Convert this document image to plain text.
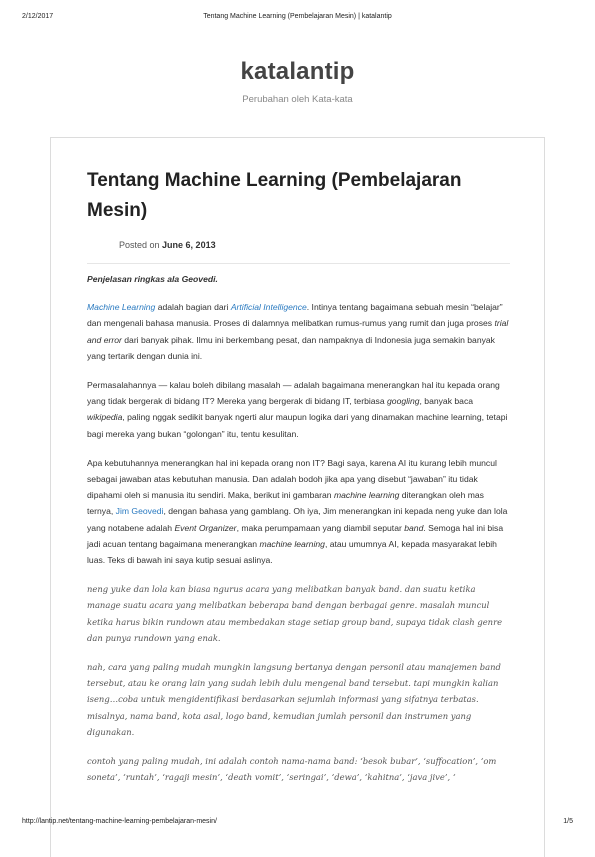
2/12/2017	Tentang Machine Learning (Pembelajaran Mesin) | katalantip
katalantip
Perubahan oleh Kata-kata
Tentang Machine Learning (Pembelajaran Mesin)
Posted on June 6, 2013

Penjelasan ringkas ala Geovedi.

Machine Learning adalah bagian dari Artificial Intelligence. Intinya tentang bagaimana sebuah mesin “belajar” dan mengenali bahasa manusia. Proses di dalamnya melibatkan rumus-rumus yang rumit dan juga proses trial and error dari banyak pihak. Ilmu ini berkembang pesat, dan nampaknya di Indonesia juga semakin banyak yang tertarik dengan dunia ini.

Permasalahannya — kalau boleh dibilang masalah — adalah bagaimana menerangkan hal itu kepada orang yang tidak bergerak di bidang IT? Mereka yang bergerak di bidang IT, terbiasa googling, banyak baca wikipedia, paling nggak sedikit banyak ngerti alur maupun logika dari yang dinamakan machine learning, tetapi bagi mereka yang bukan “golongan” itu, tentu kesulitan.

Apa kebutuhannya menerangkan hal ini kepada orang non IT? Bagi saya, karena AI itu kurang lebih muncul sebagai jawaban atas kebutuhan manusia. Dan adalah bodoh jika apa yang disebut “jawaban” itu tidak dipahami oleh si manusia itu sendiri. Maka, berikut ini gambaran machine learning diterangkan oleh mas ternya, Jim Geovedi, dengan bahasa yang gamblang. Oh iya, Jim menerangkan ini kepada neng yuke dan lola yang notabene adalah Event Organizer, maka perumpamaan yang diambil seputar band. Semoga hal ini bisa jadi acuan tentang bagaimana menerangkan machine learning, atau umumnya AI, kepada masyarakat lebih luas. Teks di bawah ini saya kutip sesuai aslinya.

neng yuke dan lola kan biasa ngurus acara yang melibatkan banyak band. dan suatu ketika manage suatu acara yang melibatkan beberapa band dengan berbagai genre. masalah muncul ketika harus bikin rundown atau membedakan stage setiap group band, supaya tidak clash genre dan punya rundown yang enak.
nah, cara yang paling mudah mungkin langsung bertanya dengan personil atau manajemen band tersebut, atau ke orang lain yang sudah lebih dulu mengenal band tersebut. tapi mungkin kalian iseng…coba untuk mengidentifikasi berdasarkan sejumlah informasi yang sifatnya terbatas. misalnya, nama band, kota asal, logo band, kemudian jumlah personil dan instrumen yang digunakan.
contoh yang paling mudah, ini adalah contoh nama-nama band: ‘besok bubar’, ‘suffocation’, ‘om soneta’, ‘runtah’, ‘ragaji mesin’, ‘death vomit’, ‘seringai’, ‘dewa’, ‘kahitna’, ‘java jive’, ‘
http://lantip.net/tentang-machine-learning-pembelajaran-mesin/	1/5
